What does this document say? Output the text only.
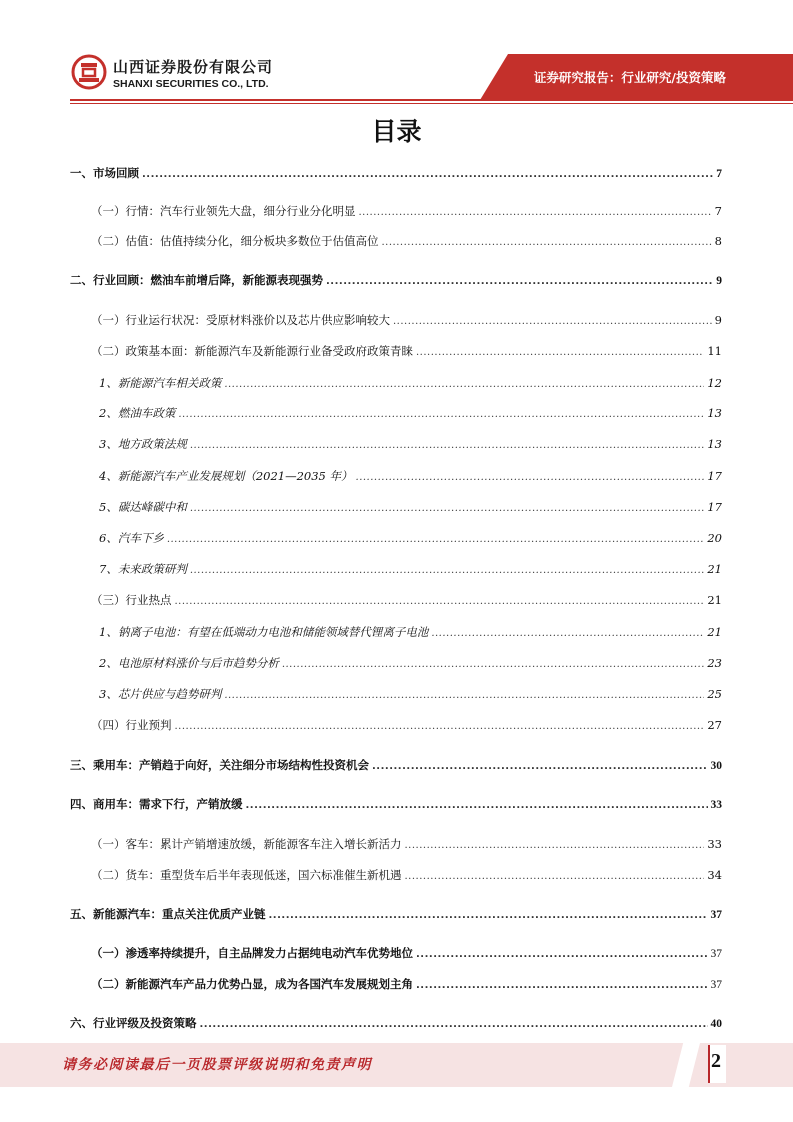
山西证券股份有限公司
SHANXI SECURITIES CO., LTD.	证券研究报告：行业研究/投资策略
目录
一、市场回顾 .....	7
（一）行情：汽车行业领先大盘，细分行业分化明显 .....	7
（二）估值：估值持续分化，细分板块多数位于估值高位 .....	8
二、行业回顾：燃油车前增后降，新能源表现强势 .....	9
（一）行业运行状况：受原材料涨价以及芯片供应影响较大 .....	9
（二）政策基本面：新能源汽车及新能源行业备受政府政策青睐 .....	11
1、新能源汽车相关政策 .....	12
2、燃油车政策 .....	13
3、地方政策法规 .....	13
4、新能源汽车产业发展规划（2021—2035 年） .....	17
5、碳达峰碳中和 .....	17
6、汽车下乡 .....	20
7、未来政策研判 .....	21
（三）行业热点 .....	21
1、钠离子电池：有望在低端动力电池和储能领域替代锂离子电池 .....	21
2、电池原材料涨价与后市趋势分析 .....	23
3、芯片供应与趋势研判 .....	25
（四）行业预判 .....	27
三、乘用车：产销趋于向好，关注细分市场结构性投资机会 .....	30
四、商用车：需求下行，产销放缓 .....	33
（一）客车：累计产销增速放缓，新能源客车注入增长新活力 .....	33
（二）货车：重型货车后半年表现低迷，国六标准催生新机遇 .....	34
五、新能源汽车：重点关注优质产业链 .....	37
（一）渗透率持续提升，自主品牌发力占据纯电动汽车优势地位 .....	37
（二）新能源汽车产品力优势凸显，成为各国汽车发展规划主角 .....	37
六、行业评级及投资策略 .....	40
请务必阅读最后一页股票评级说明和免责声明	2
